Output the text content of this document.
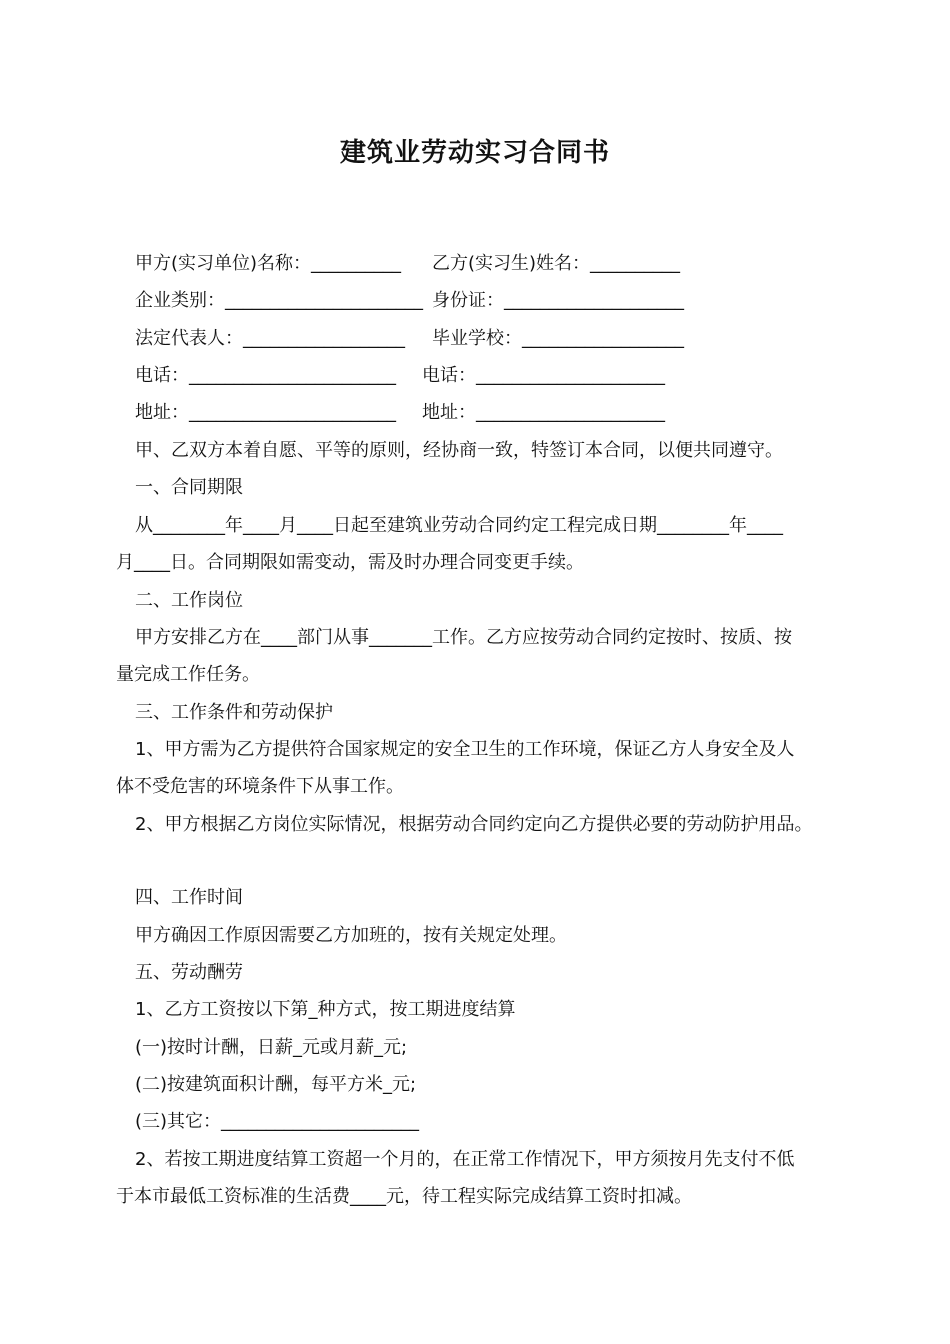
建筑业劳动实习合同书
甲方(实习单位)名称：__________ 乙方(实习生)姓名：__________
企业类别：______________________ 身份证：____________________
法定代表人：__________________ 毕业学校：__________________
电话：_______________________ 电话：_____________________
地址：_______________________ 地址：_____________________
甲、乙双方本着自愿、平等的原则，经协商一致，特签订本合同，以便共同遵守。
一、合同期限
从________年____月____日起至建筑业劳动合同约定工程完成日期________年____
月____日。合同期限如需变动，需及时办理合同变更手续。
二、工作岗位
甲方安排乙方在____部门从事_______工作。乙方应按劳动合同约定按时、按质、按
量完成工作任务。
三、工作条件和劳动保护
1、甲方需为乙方提供符合国家规定的安全卫生的工作环境，保证乙方人身安全及人
体不受危害的环境条件下从事工作。
2、甲方根据乙方岗位实际情况，根据劳动合同约定向乙方提供必要的劳动防护用品。
四、工作时间
甲方确因工作原因需要乙方加班的，按有关规定处理。
五、劳动酬劳
1、乙方工资按以下第_种方式，按工期进度结算
(一)按时计酬，日薪_元或月薪_元;
(二)按建筑面积计酬，每平方米_元;
(三)其它：______________________
2、若按工期进度结算工资超一个月的，在正常工作情况下，甲方须按月先支付不低
于本市最低工资标准的生活费____元，待工程实际完成结算工资时扣减。
